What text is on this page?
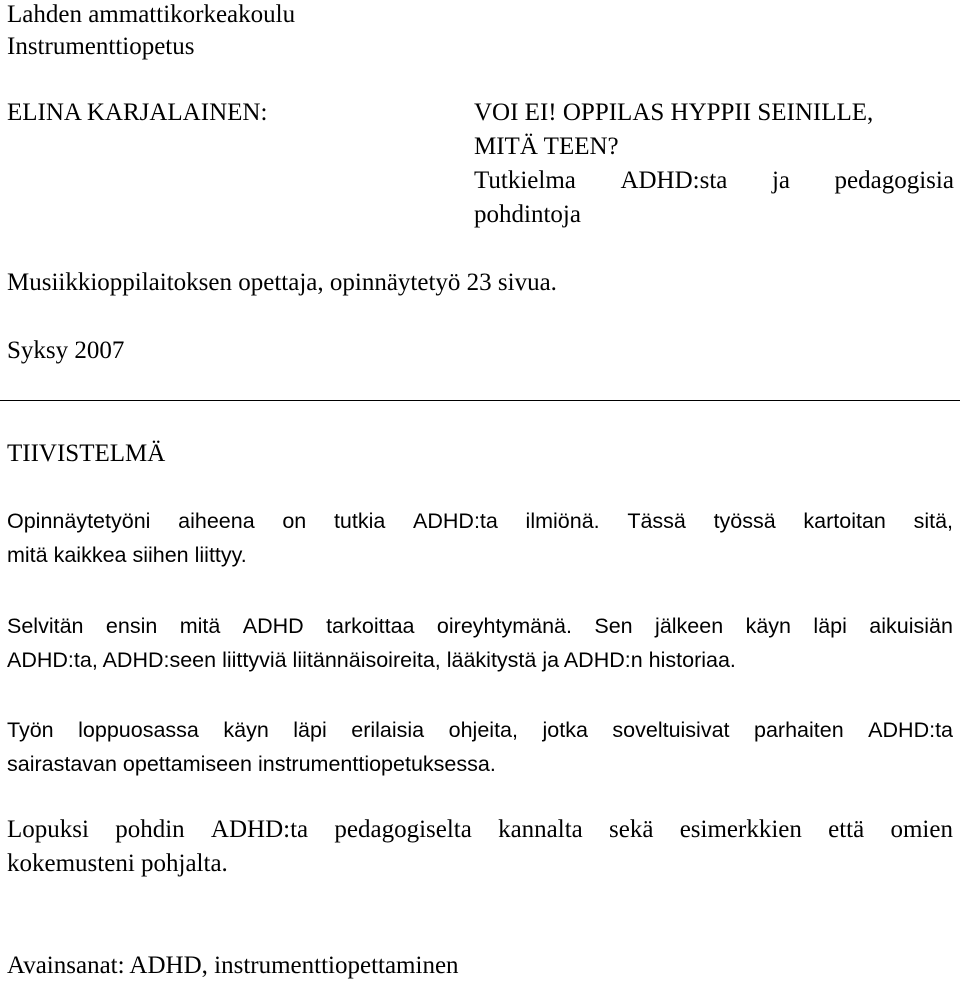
Lahden ammattikorkeakoulu
Instrumenttiopetus
ELINA KARJALAINEN:	VOI EI! OPPILAS HYPPII SEINILLE,
MITÄ TEEN?
Tutkielma ADHD:sta ja pedagogisia
pohdintoja
Musiikkioppilaitoksen opettaja, opinnäytetyö 23 sivua.
Syksy 2007
TIIVISTELMÄ
Opinnäytetyöni aiheena on tutkia ADHD:ta ilmiönä. Tässä työssä kartoitan sitä,
mitä kaikkea siihen liittyy.
Selvitän ensin mitä ADHD tarkoittaa oireyhtymänä. Sen jälkeen käyn läpi aikuisiän
ADHD:ta, ADHD:seen liittyviä liitännäisoireita, lääkitystä ja ADHD:n historiaa.
Työn loppuosassa käyn läpi erilaisia ohjeita, jotka soveltuisivat parhaiten ADHD:ta
sairastavan opettamiseen instrumenttiopetuksessa.
Lopuksi pohdin ADHD:ta pedagogiselta kannalta sekä esimerkkien että omien
kokemusteni pohjalta.
Avainsanat: ADHD, instrumenttiopettaminen
